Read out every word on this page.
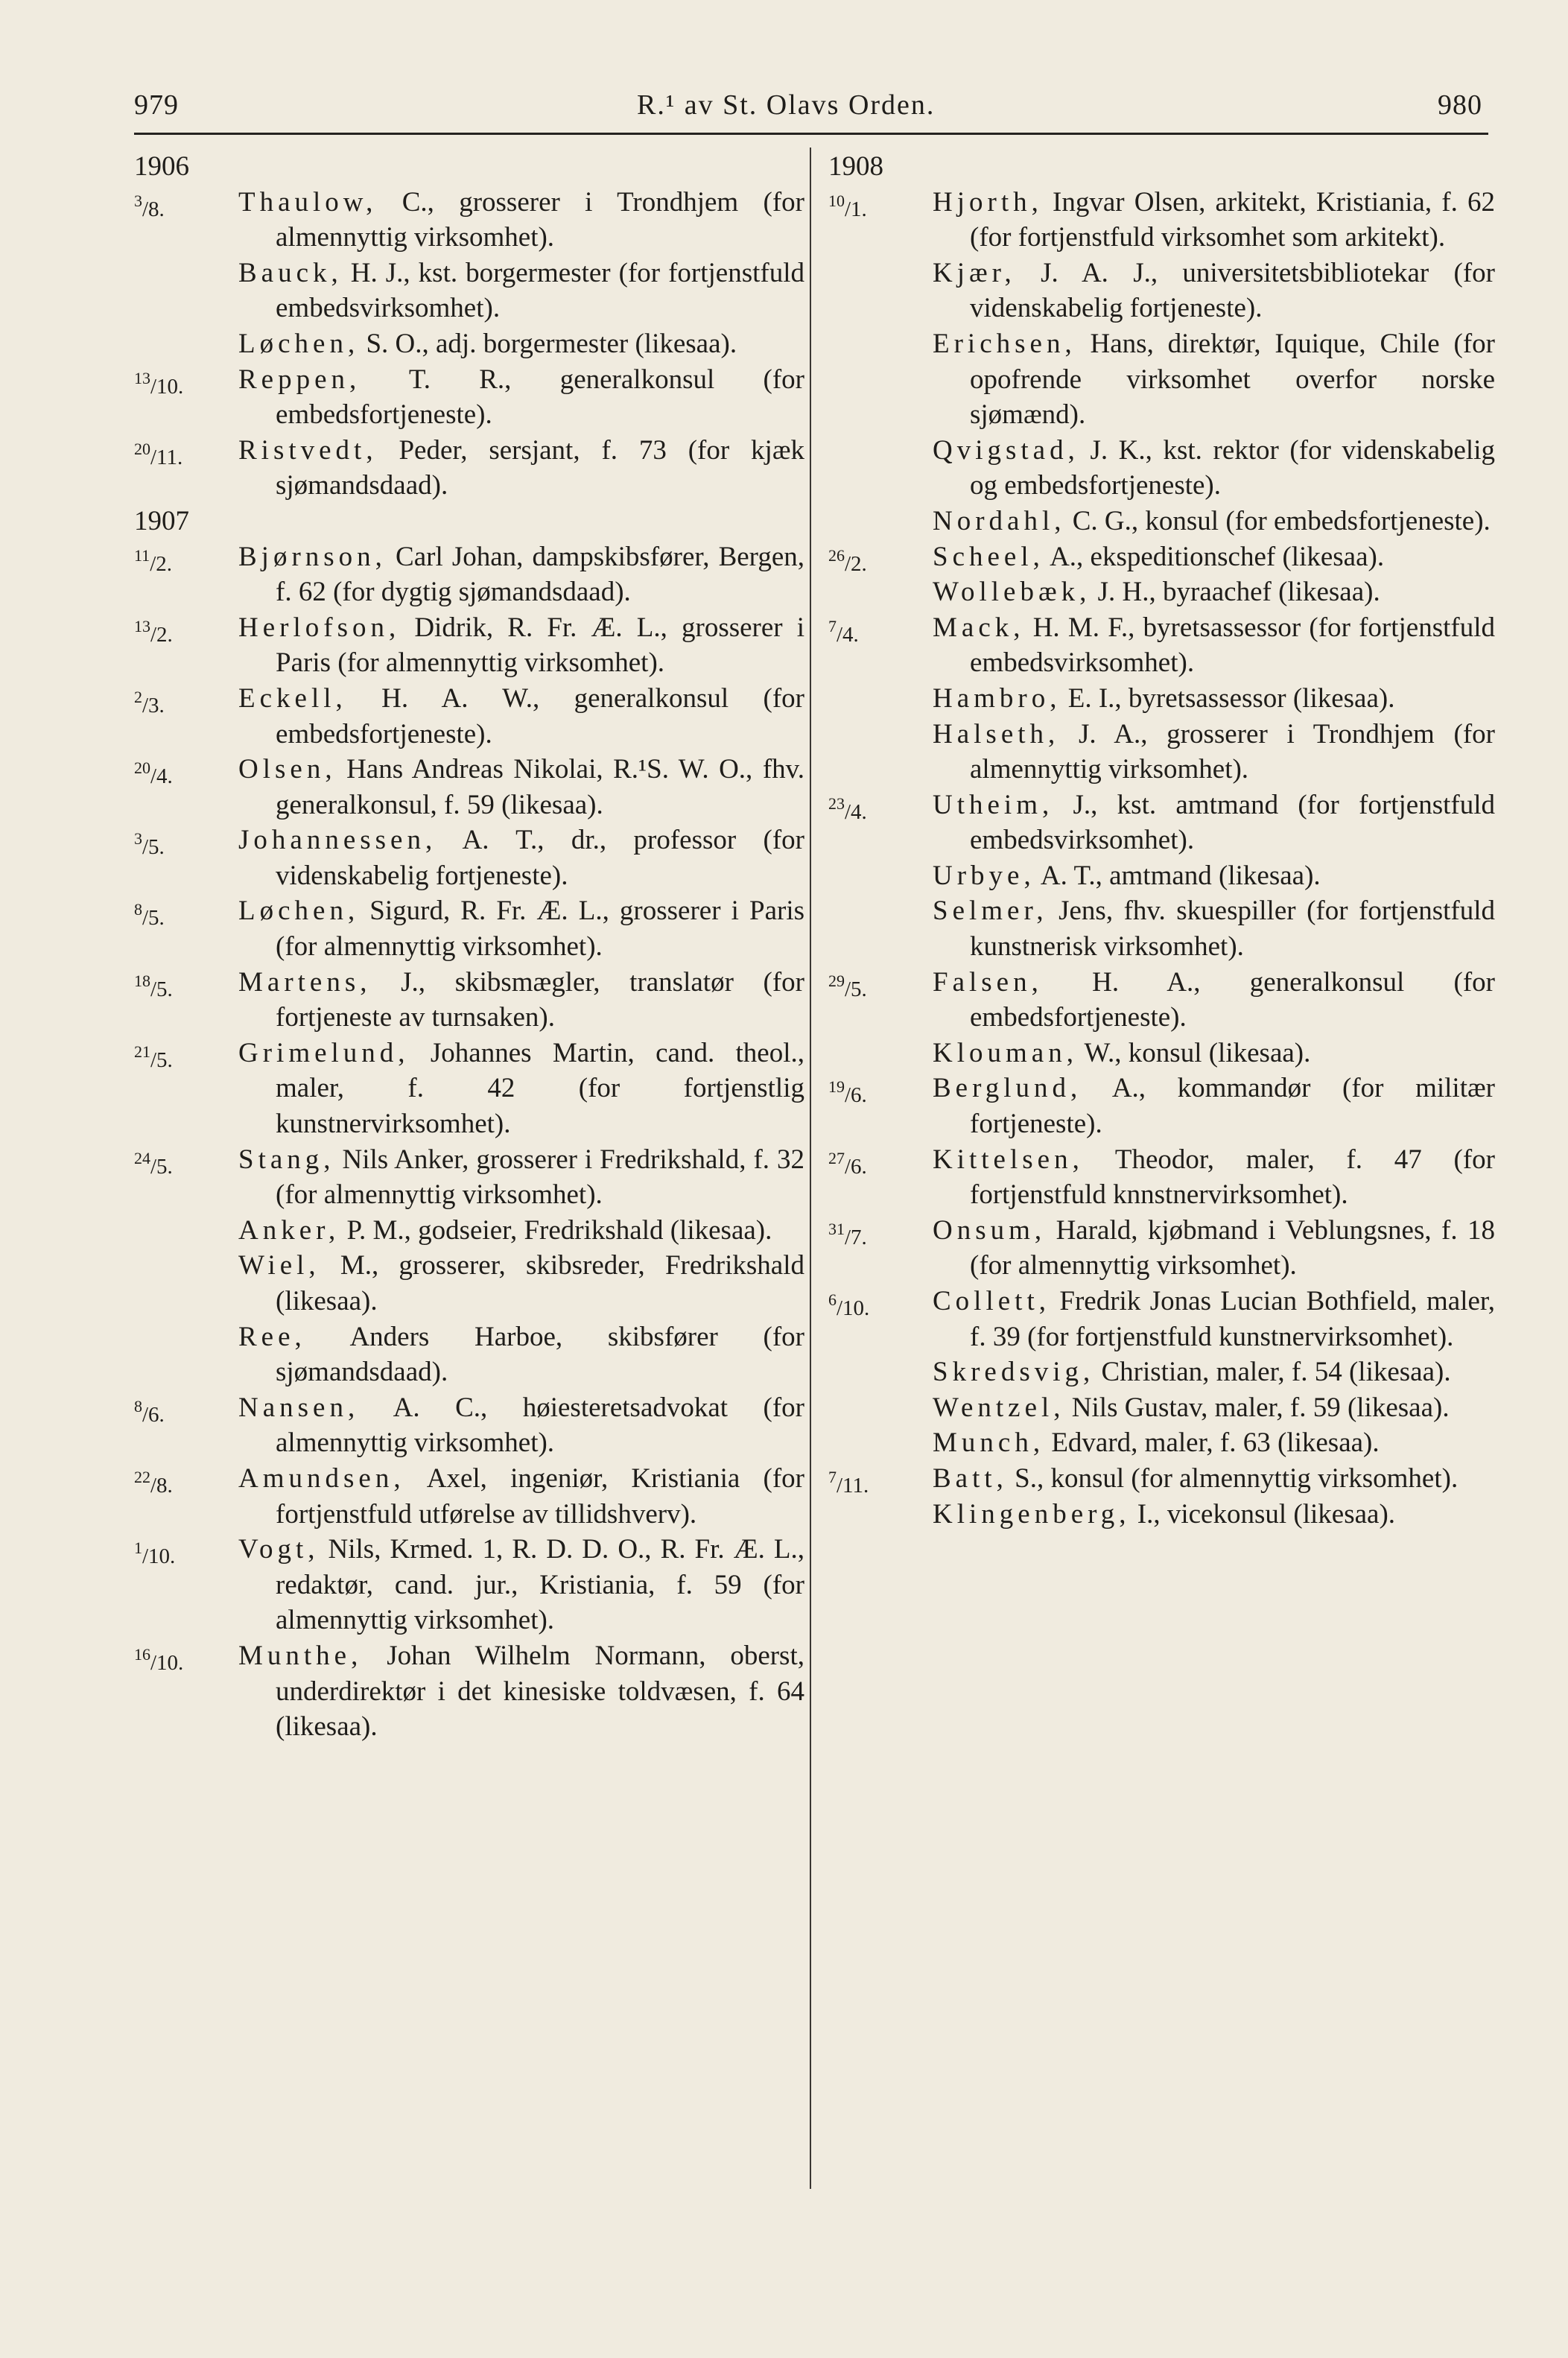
979	R.¹ av St. Olavs Orden.	980
1906
$^3$/8.	Thaulow, C., grosserer i Trondhjem (for almennyttig virksomhet).

Bauck, H. J., kst. borgermester (for fortjenstfuld embedsvirksomhet).

Løchen, S. O., adj. borgermester (likesaa).

$^{13}$/10. Reppen, T. R., generalkonsul (for embedsfortjeneste).

$^{20}$/11. Ristvedt, Peder, sersjant, f. 73 (for kjæk sjømandsdaad).

1907
$^{11}$/2. Bjørnson, Carl Johan, dampskibsfører, Bergen, f. 62 (for dygtig sjømandsdaad).

$^{13}$/2. Herlofson, Didrik, R. Fr. Æ. L., grosserer i Paris (for almennyttig virksomhet).

$^2$/3.	Eckell, H. A. W., generalkonsul (for embedsfortjeneste).

$^{20}$/4. Olsen, Hans Andreas Nikolai, R.¹S. W. O., fhv. generalkonsul, f. 59 (likesaa).

$^3$/5.	Johannessen, A. T., dr., professor (for videnskabelig fortjeneste).

$^8$/5.	Løchen, Sigurd, R. Fr. Æ. L., grosserer i Paris (for almennyttig virksomhet).

$^{18}$/5. Martens, J., skibsmægler, translatør (for fortjeneste av turnsaken).

$^{21}$/5. Grimelund, Johannes Martin, cand. theol., maler, f. 42 (for fortjenstlig kunstnervirksomhet).

$^{24}$/5. Stang, Nils Anker, grosserer i Fredrikshald, f. 32 (for almennyttig virksomhet).

Anker, P. M., godseier, Fredrikshald (likesaa).

Wiel, M., grosserer, skibsreder, Fredrikshald (likesaa).

Ree, Anders Harboe, skibsfører (for sjømandsdaad).

$^8$/6.	Nansen, A. C., høiesteretsadvokat (for almennyttig virksomhet).

$^{22}$/8. Amundsen, Axel, ingeniør, Kristiania (for fortjenstfuld utførelse av tillidshverv).

$^1$/10. Vogt, Nils, Krmed. 1, R. D. D. O., R. Fr. Æ. L., redaktør, cand. jur., Kristiania, f. 59 (for almennyttig virksomhet).

$^{16}$/10. Munthe, Johan Wilhelm Normann, oberst, underdirektør i det kinesiske toldvæsen, f. 64 (likesaa).

1908
$^{10}$/1. Hjorth, Ingvar Olsen, arkitekt, Kristiania, f. 62 (for fortjenstfuld virksomhet som arkitekt).

Kjær, J. A. J., universitetsbibliotekar (for videnskabelig fortjeneste).

Erichsen, Hans, direktør, Iquique, Chile (for opofrende virksomhet overfor norske sjømænd).

Qvigstad, J. K., kst. rektor (for videnskabelig og embedsfortjeneste).

Nordahl, C. G., konsul (for embedsfortjeneste).

$^{26}$/2. Scheel, A., ekspeditionschef (likesaa).

Wollebæk, J. H., byraachef (likesaa).

$^7$/4.	Mack, H. M. F., byretsassessor (for fortjenstfuld embedsvirksomhet).

Hambro, E. I., byretsassessor (likesaa).

Halseth, J. A., grosserer i Trondhjem (for almennyttig virksomhet).

$^{23}$/4. Utheim, J., kst. amtmand (for fortjenstfuld embedsvirksomhet).

Urbye, A. T., amtmand (likesaa).

Selmer, Jens, fhv. skuespiller (for fortjenstfuld kunstnerisk virksomhet).

$^{29}$/5. Falsen, H. A., generalkonsul (for embedsfortjeneste).

Klouman, W., konsul (likesaa).

$^{19}$/6. Berglund, A., kommandør (for militær fortjeneste).

$^{27}$/6. Kittelsen, Theodor, maler, f. 47 (for fortjenstfuld knnstnervirksomhet).

$^{31}$/7. Onsum, Harald, kjøbmand i Veblungsnes, f. 18 (for almennyttig virksomhet).

$^6$/10. Collett, Fredrik Jonas Lucian Bothfield, maler, f. 39 (for fortjenstfuld kunstnervirksomhet).

Skredsvig, Christian, maler, f. 54 (likesaa).

Wentzel, Nils Gustav, maler, f. 59 (likesaa).

Munch, Edvard, maler, f. 63 (likesaa).

$^7$/11. Batt, S., konsul (for almennyttig virksomhet).

Klingenberg, I., vicekonsul (likesaa).
